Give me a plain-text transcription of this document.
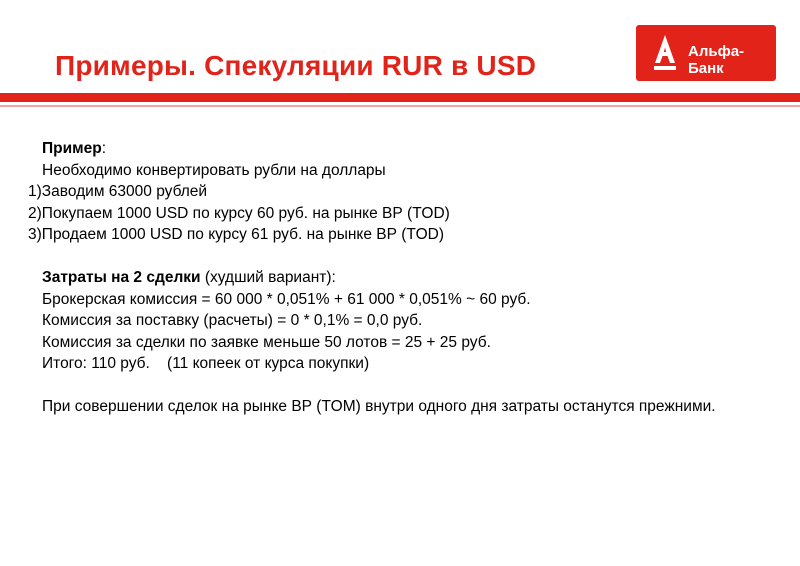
Примеры. Спекуляции RUR в USD	Альфа-Банк
Пример:
Необходимо конвертировать рубли на доллары
1)Заводим 63000 рублей
2)Покупаем 1000 USD по курсу 60 руб. на рынке ВР (TOD)
3)Продаем 1000 USD по курсу 61 руб. на рынке ВР (TOD)
Затраты на 2 сделки (худший вариант):
Брокерская комиссия = 60 000 * 0,051% + 61 000 * 0,051% ~ 60 руб.
Комиссия за поставку (расчеты) = 0 * 0,1% = 0,0 руб.
Комиссия за сделки по заявке меньше 50 лотов = 25 + 25 руб.
Итого: 110 руб.    (11 копеек от курса покупки)
При совершении сделок на рынке ВР (TOM) внутри одного дня затраты останутся прежними.
